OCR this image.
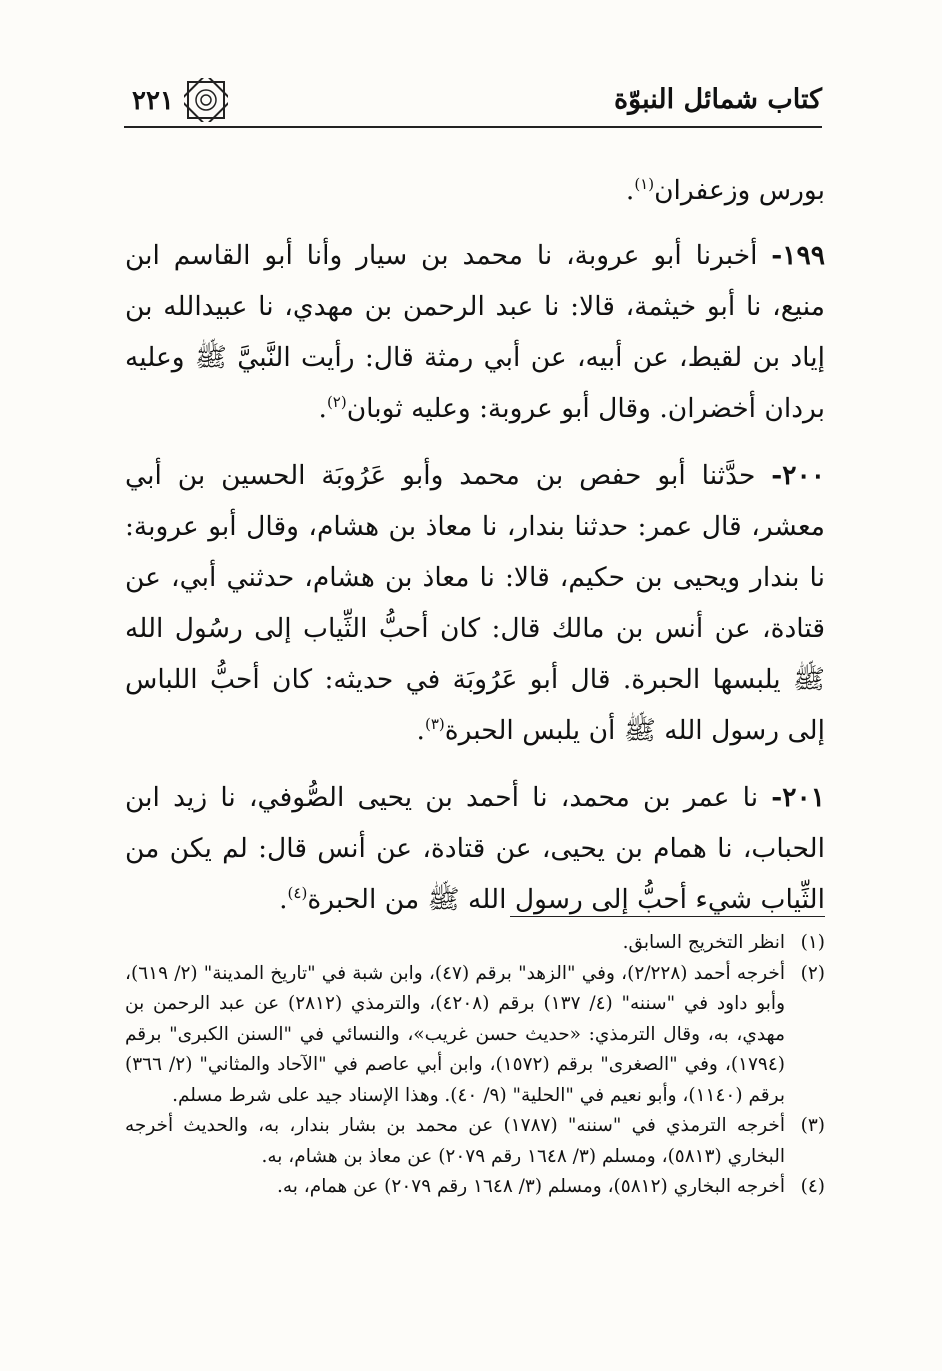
كتاب شمائل النبوّة
٢٢١

بورس وزعفران$^{(١)}$.

١٩٩- أخبرنا أبو عروبة، نا محمد بن سيار وأنا أبو القاسم ابن منيع، نا أبو خيثمة، قالا: نا عبد الرحمن بن مهدي، نا عبيدالله بن إياد بن لقيط، عن أبيه، عن أبي رمثة قال: رأيت النَّبيَّ ﷺ وعليه بردان أخضران. وقال أبو عروبة: وعليه ثوبان$^{(٢)}$.

٢٠٠- حدَّثنا أبو حفص بن محمد وأبو عَرُوبَة الحسين بن أبي معشر، قال عمر: حدثنا بندار، نا معاذ بن هشام، وقال أبو عروبة: نا بندار ويحيى بن حكيم، قالا: نا معاذ بن هشام، حدثني أبي، عن قتادة، عن أنس بن مالك قال: كان أحبُّ الثِّياب إلى رسُول الله ﷺ يلبسها الحبرة. قال أبو عَرُوبَة في حديثه: كان أحبُّ اللباس إلى رسول الله ﷺ أن يلبس الحبرة$^{(٣)}$.

٢٠١- نا عمر بن محمد، نا أحمد بن يحيى الصُّوفي، نا زيد ابن الحباب، نا همام بن يحيى، عن قتادة، عن أنس قال: لم يكن من الثِّياب شيء أحبُّ إلى رسول الله ﷺ من الحبرة$^{(٤)}$.

(١)
انظر التخريج السابق.
(٢)
أخرجه أحمد (٢/٢٢٨)، وفي "الزهد" برقم (٤٧)، وابن شبة في "تاريخ المدينة" (٢/ ٦١٩)، وأبو داود في "سننه" (٤/ ١٣٧) برقم (٤٢٠٨)، والترمذي (٢٨١٢) عن عبد الرحمن بن مهدي، به، وقال الترمذي: «حديث حسن غريب»، والنسائي في "السنن الكبرى" برقم (١٧٩٤)، وفي "الصغرى" برقم (١٥٧٢)، وابن أبي عاصم في "الآحاد والمثاني" (٢/ ٣٦٦) برقم (١١٤٠)، وأبو نعيم في "الحلية" (٩/ ٤٠). وهذا الإسناد جيد على شرط مسلم.
(٣)
أخرجه الترمذي في "سننه" (١٧٨٧) عن محمد بن بشار بندار، به، والحديث أخرجه البخاري (٥٨١٣)، ومسلم (٣/ ١٦٤٨ رقم ٢٠٧٩) عن معاذ بن هشام، به.
(٤)
أخرجه البخاري (٥٨١٢)، ومسلم (٣/ ١٦٤٨ رقم ٢٠٧٩) عن همام، به.
